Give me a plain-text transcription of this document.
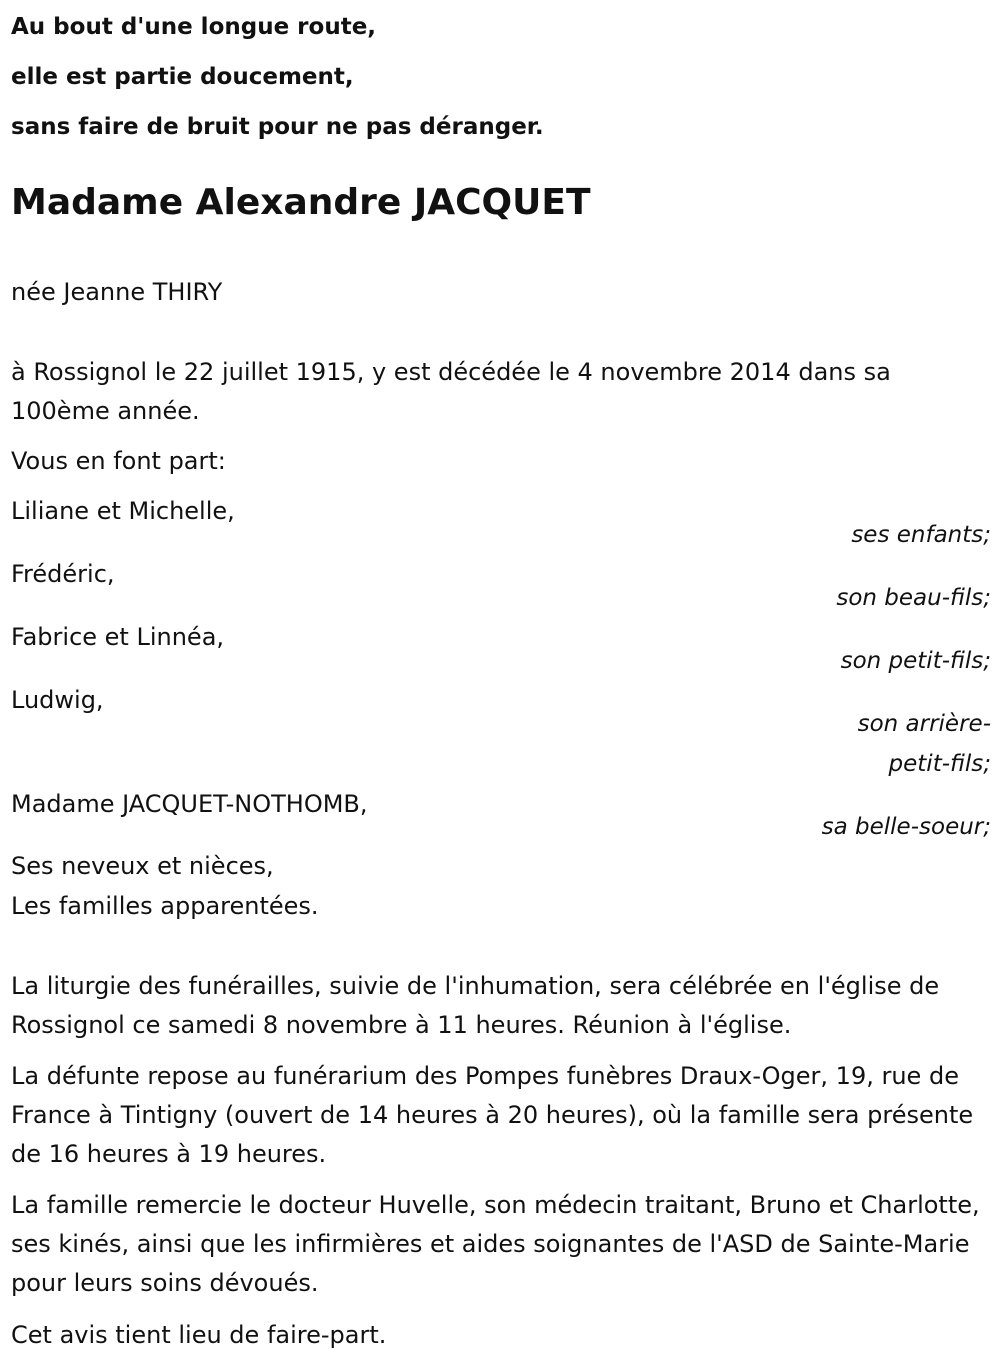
Au bout d'une longue route,
elle est partie doucement,
sans faire de bruit pour ne pas déranger.
Madame Alexandre JACQUET

née Jeanne THIRY

à Rossignol le 22 juillet 1915, y est décédée le 4 novembre 2014 dans sa 100ème année.

Vous en font part:

Liliane et Michelle,

ses enfants;

Frédéric,

son beau-fils;

Fabrice et Linnéa,

son petit-fils;

Ludwig,

son arrière-
petit-fils;

Madame JACQUET-NOTHOMB,

sa belle-soeur;

Ses neveux et nièces,

Les familles apparentées.

La liturgie des funérailles, suivie de l'inhumation, sera célébrée en l'église de Rossignol ce samedi 8 novembre à 11 heures. Réunion à l'église.

La défunte repose au funérarium des Pompes funèbres Draux-Oger, 19, rue de France à Tintigny (ouvert de 14 heures à 20 heures), où la famille sera présente de 16 heures à 19 heures.

La famille remercie le docteur Huvelle, son médecin traitant, Bruno et Charlotte, ses kinés, ainsi que les infirmières et aides soignantes de l'ASD de Sainte-Marie pour leurs soins dévoués.

Cet avis tient lieu de faire-part.
